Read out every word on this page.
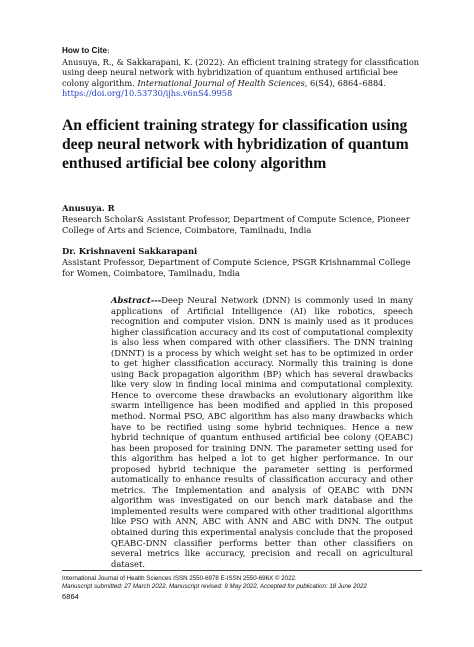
How to Cite:
Anusuya, R., & Sakkarapani, K. (2022). An efficient training strategy for classification using deep neural network with hybridization of quantum enthused artificial bee colony algorithm. International Journal of Health Sciences, 6(S4), 6864–6884.
https://doi.org/10.53730/ijhs.v6nS4.9958
An efficient training strategy for classification using deep neural network with hybridization of quantum enthused artificial bee colony algorithm
Anusuya. R
Research Scholar& Assistant Professor, Department of Compute Science, Pioneer College of Arts and Science, Coimbatore, Tamilnadu, India
Dr. Krishnaveni Sakkarapani
Assistant Professor, Department of Compute Science, PSGR Krishnammal College for Women, Coimbatore, Tamilnadu, India
Abstract---Deep Neural Network (DNN) is commonly used in many applications of Artificial Intelligence (AI) like robotics, speech recognition and computer vision. DNN is mainly used as it produces higher classification accuracy and its cost of computational complexity is also less when compared with other classifiers. The DNN training (DNNT) is a process by which weight set has to be optimized in order to get higher classification accuracy. Normally this training is done using Back propagation algorithm (BP) which has several drawbacks like very slow in finding local minima and computational complexity. Hence to overcome these drawbacks an evolutionary algorithm like swarm intelligence has been modified and applied in this proposed method. Normal PSO, ABC algorithm has also many drawbacks which have to be rectified using some hybrid techniques. Hence a new hybrid technique of quantum enthused artificial bee colony (QEABC) has been proposed for training DNN. The parameter setting used for this algorithm has helped a lot to get higher performance. In our proposed hybrid technique the parameter setting is performed automatically to enhance results of classification accuracy and other metrics. The Implementation and analysis of QEABC with DNN algorithm was investigated on our bench mark database and the implemented results were compared with other traditional algorithms like PSO with ANN, ABC with ANN and ABC with DNN. The output obtained during this experimental analysis conclude that the proposed QEABC-DNN classifier performs better than other classifiers on several metrics like accuracy, precision and recall on agricultural dataset.
International Journal of Health Sciences ISSN 2550-6978 E-ISSN 2550-696X © 2022.
Manuscript submitted: 27 March 2022, Manuscript revised: 9 May 2022, Accepted for publication: 18 June 2022
6864
